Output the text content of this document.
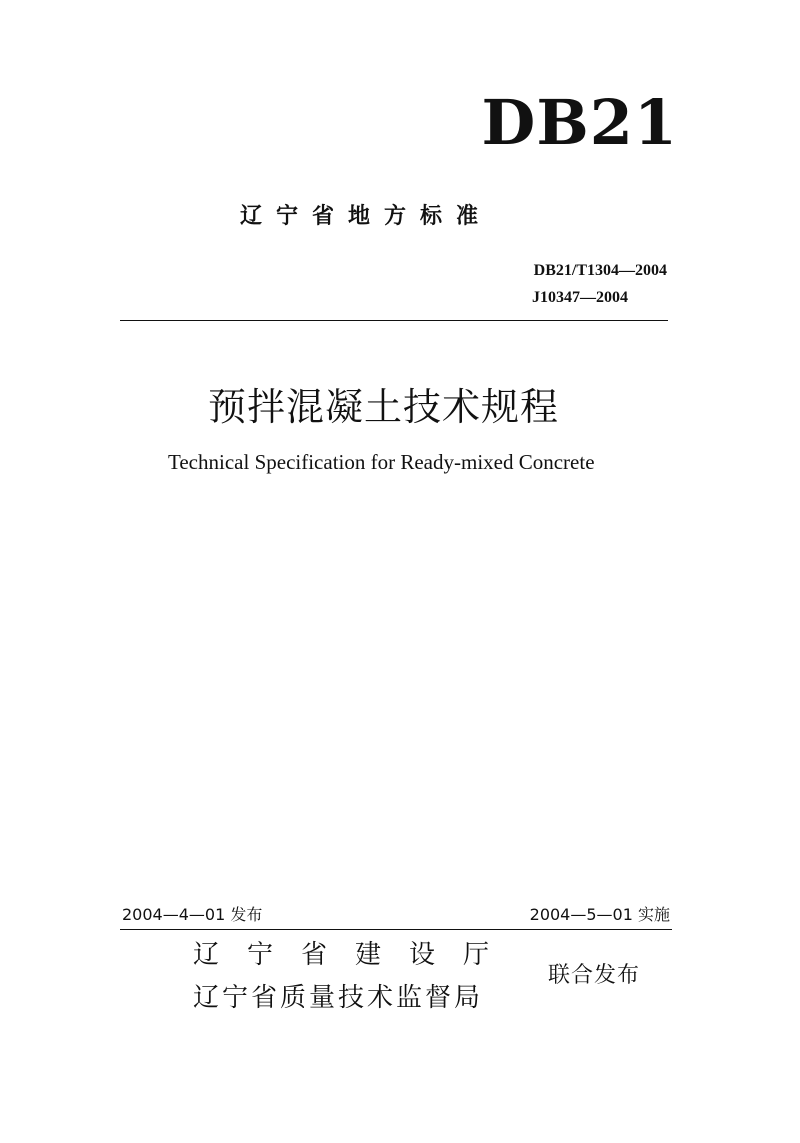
DB21
辽宁省地方标准
DB21/T1304—2004
J10347—2004
预拌混凝土技术规程
Technical Specification for Ready-mixed Concrete
2004—4—01 发布	2004—5—01 实施
辽宁省建设厅
辽宁省质量技术监督局
联合发布
